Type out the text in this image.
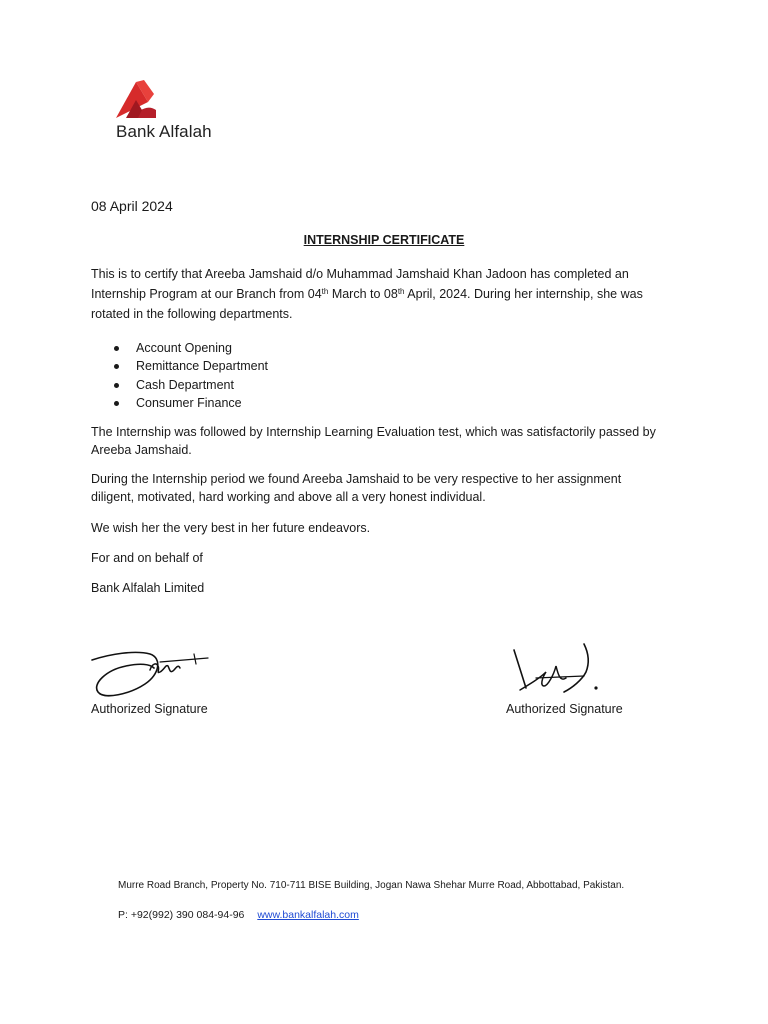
Bank Alfalah
08 April 2024
INTERNSHIP CERTIFICATE
This is to certify that Areeba Jamshaid d/o Muhammad Jamshaid Khan Jadoon has completed an
Internship Program at our Branch from 04th March to 08th April, 2024. During her internship, she was
rotated in the following departments.
Account Opening
Remittance Department
Cash Department
Consumer Finance
The Internship was followed by Internship Learning Evaluation test, which was satisfactorily passed by
Areeba Jamshaid.
During the Internship period we found Areeba Jamshaid to be very respective to her assignment
diligent, motivated, hard working and above all a very honest individual.
We wish her the very best in her future endeavors.
For and on behalf of
Bank Alfalah Limited
Authorized Signature	Authorized Signature
Murre Road Branch, Property No. 710-711 BISE Building, Jogan Nawa Shehar Murre Road, Abbottabad, Pakistan.
P: +92(992) 390 084-94-96 www.bankalfalah.com
